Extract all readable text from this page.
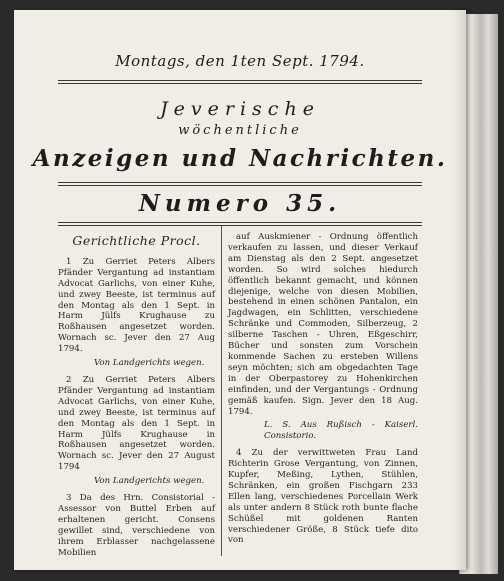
Montags, den 1ten Sept. 1794.
Jeverische
wöchentliche
Anzeigen und Nachrichten.
Numero 35.
Gerichtliche Procl.

1 Zu Gerriet Peters Albers Pfänder Vergantung ad instantiam Advocat Garlichs, von einer Kuhe, und zwey Beeste, ist terminus auf den Montag als den 1 Sept. in Harm Jülfs Krughause zu Roßhausen angesetzet worden. Wornach sc. Jever den 27 Aug 1794.

Von Landgerichts wegen.

2 Zu Gerriet Peters Albers Pfänder Vergantung ad instantiam Advocat Garlichs, von einer Kuhe, und zwey Beeste, ist terminus auf den Montag als den 1 Sept. in Harm Jülfs Krughause in Roßhausen angesetzet worden. Wornach sc. Jever den 27 August 1794

Von Landgerichts wegen.

3 Da des Hrn. Consistorial - Assessor von Buttel Erben auf erhaltenen gericht. Consens gewillet sind, verschiedene von ihrem Erblasser nachgelassene Mobilien

auf Auskmiener - Ordnung öffentlich verkaufen zu lassen, und dieser Verkauf am Dienstag als den 2 Sept. angesetzet worden. So wird solches hiedurch öffentlich bekannt gemacht, und können diejenige, welche von diesen Mobilien, bestehend in einen schönen Pantalon, ein Jagdwagen, ein Schlitten, verschiedene Schränke und Commoden, Silberzeug, 2 silberne Taschen - Uhren, Eßgeschirr, Bücher und sonsten zum Vorschein kommende Sachen zu ersteben Willens seyn möchten; sich am obgedachten Tage in der Oberpastorey zu Hohenkirchen einfinden, und der Vergantungs - Ordnung gemäß kaufen. Sign. Jever den 18 Aug. 1794.

L. S. Aus Rußisch - Kaiserl. Consistorio.

4 Zu der verwittweten Frau Land Richterin Grose Vergantung, von Zinnen, Kupfer, Meßing, Lythen, Stühlen, Schränken, ein großen Fischgarn 233 Ellen lang, verschiedenes Porcellain Werk als unter andern 8 Stück roth bunte flache Schüßel mit goldenen Ranten verschiedener Größe, 8 Stück tiefe dito von
